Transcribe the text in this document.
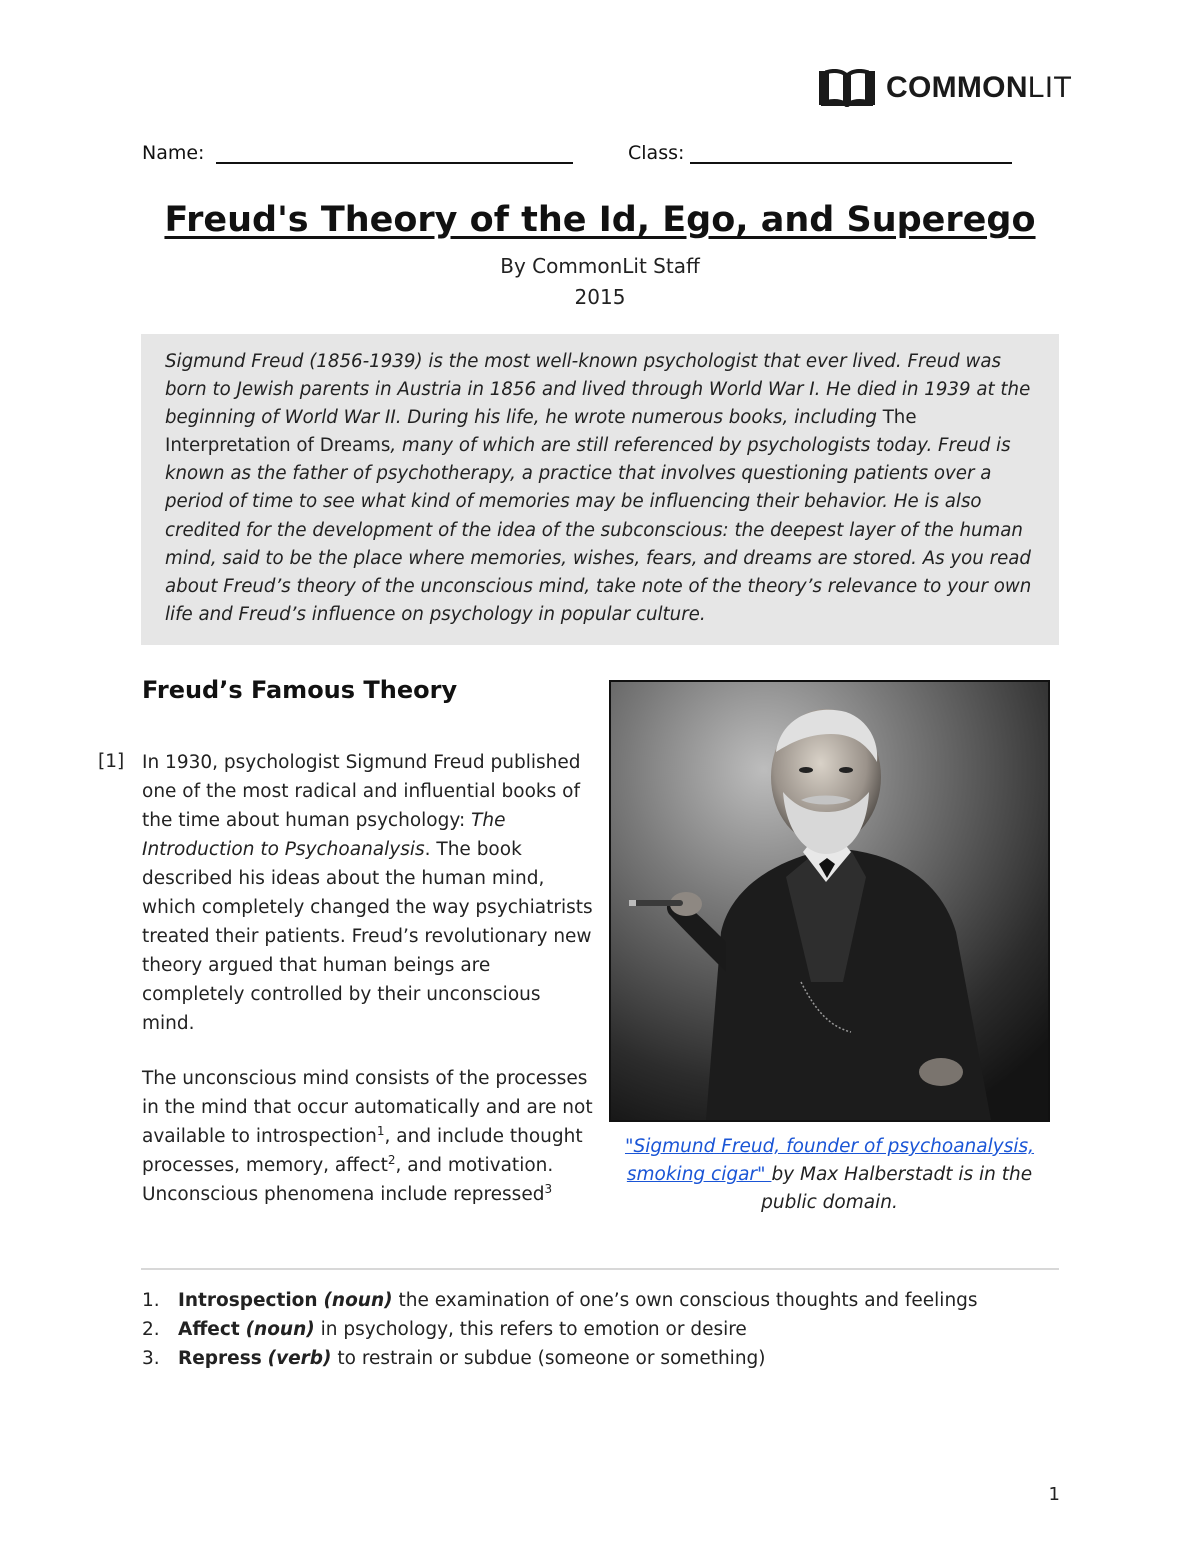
COMMONLIT
Name:	Class:
Freud's Theory of the Id, Ego, and Superego
By CommonLit Staff
2015
Sigmund Freud (1856-1939) is the most well-known psychologist that ever lived. Freud was born to Jewish parents in Austria in 1856 and lived through World War I. He died in 1939 at the beginning of World War II. During his life, he wrote numerous books, including The Interpretation of Dreams, many of which are still referenced by psychologists today. Freud is known as the father of psychotherapy, a practice that involves questioning patients over a period of time to see what kind of memories may be influencing their behavior. He is also credited for the development of the idea of the subconscious: the deepest layer of the human mind, said to be the place where memories, wishes, fears, and dreams are stored. As you read about Freud’s theory of the unconscious mind, take note of the theory’s relevance to your own life and Freud’s influence on psychology in popular culture.
Freud’s Famous Theory
[1] In 1930, psychologist Sigmund Freud published one of the most radical and influential books of the time about human psychology: The Introduction to Psychoanalysis. The book described his ideas about the human mind, which completely changed the way psychiatrists treated their patients. Freud’s revolutionary new theory argued that human beings are completely controlled by their unconscious mind.
The unconscious mind consists of the processes in the mind that occur automatically and are not available to introspection$^1$, and include thought processes, memory, affect$^2$, and motivation. Unconscious phenomena include repressed$^3$
"Sigmund Freud, founder of psychoanalysis, smoking cigar" by Max Halberstadt is in the public domain.
1. Introspection (noun) the examination of one’s own conscious thoughts and feelings
2. Affect (noun) in psychology, this refers to emotion or desire
3. Repress (verb) to restrain or subdue (someone or something)
1
